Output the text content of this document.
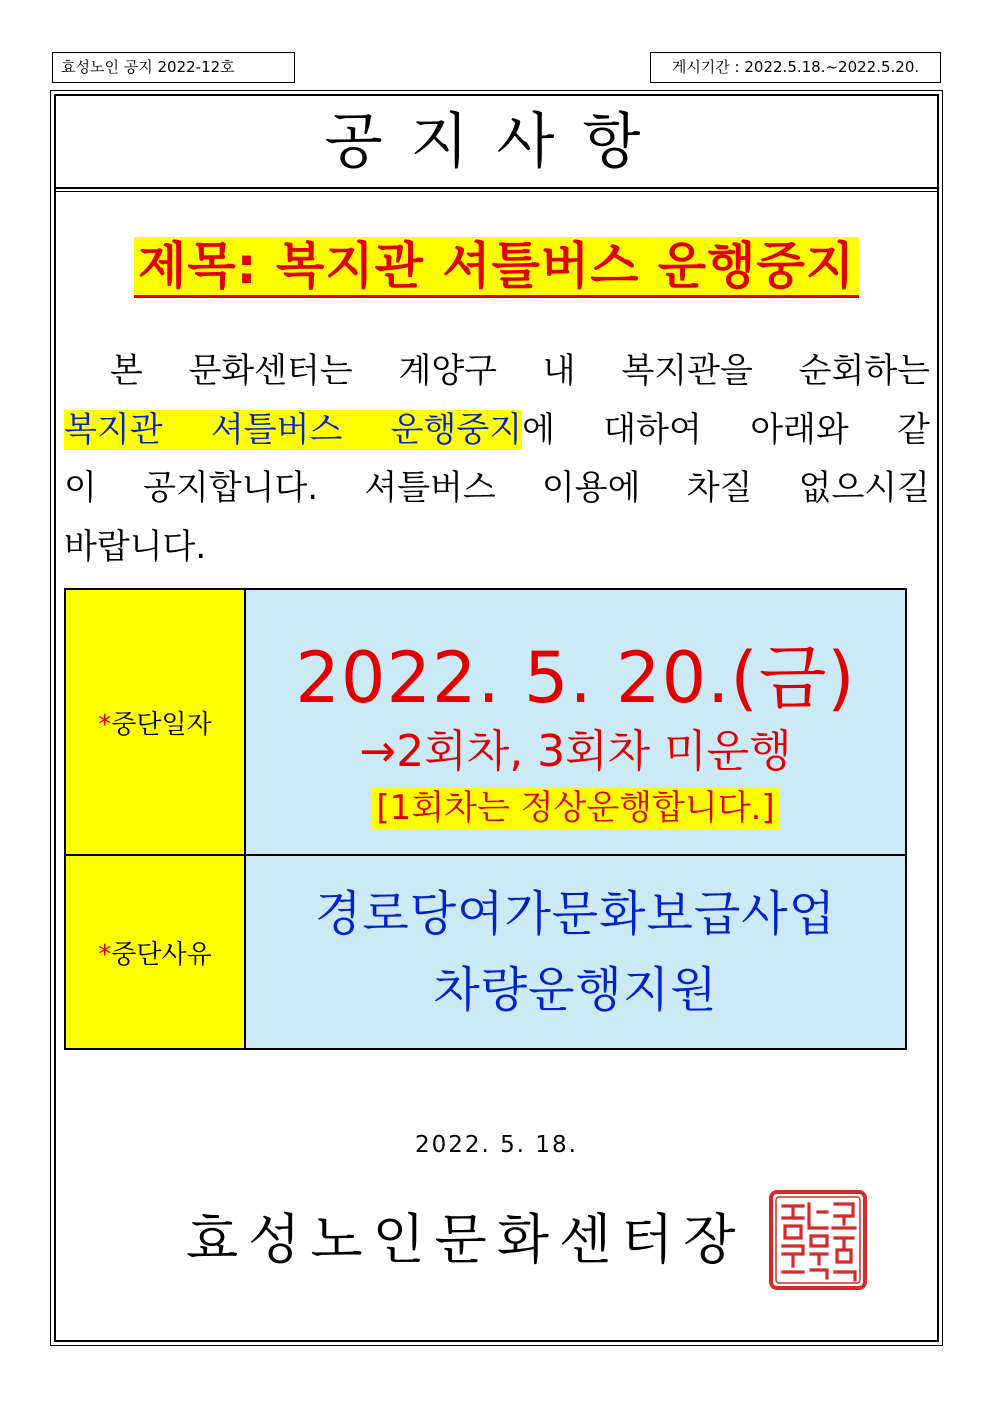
효성노인 공지 2022-12호	게시기간 : 2022.5.18.~2022.5.20.
공지사항
제목: 복지관 셔틀버스 운행중지
본 문화센터는 계양구 내 복지관을 순회하는
복지관 셔틀버스 운행중지에 대하여 아래와 같
이 공지합니다. 셔틀버스 이용에 차질 없으시길
바랍니다.
*중단일자	2022. 5. 20.(금)
→2회차, 3회차 미운행
[1회차는 정상운행합니다.]

*중단사유	경로당여가문화보급사업
차량운행지원
2022. 5. 18.
효성노인문화센터장
